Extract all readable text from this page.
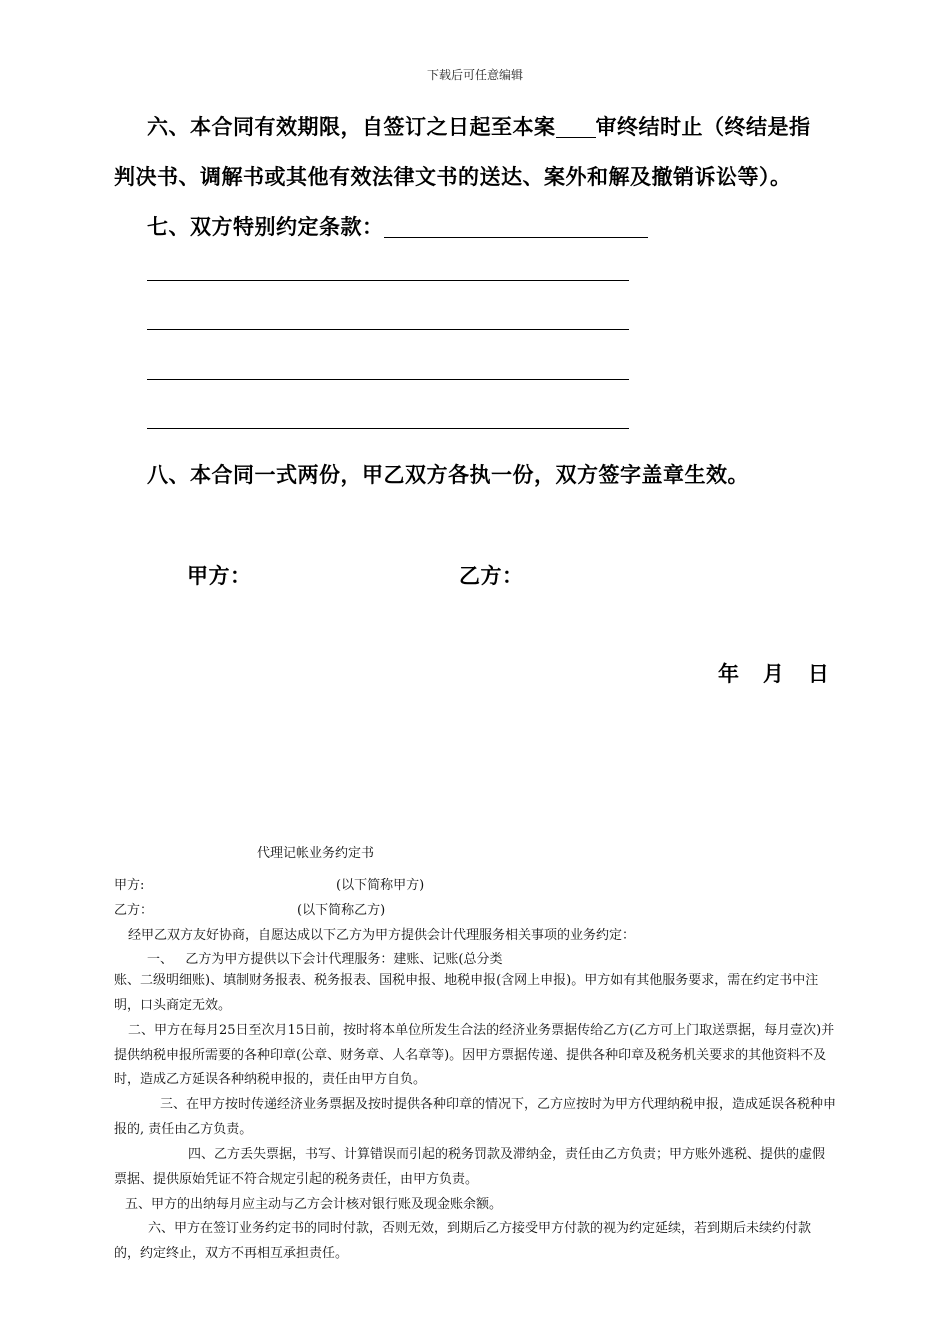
下载后可任意编辑
六、本合同有效期限，自签订之日起至本案 审终结时止（终结是指
判决书、调解书或其他有效法律文书的送达、案外和解及撤销诉讼等）。
七、双方特别约定条款：
八、本合同一式两份，甲乙双方各执一份，双方签字盖章生效。
甲方：	乙方：
年   月   日
代理记帐业务约定书
甲方:	(以下简称甲方)
乙方：	(以下简称乙方)
经甲乙双方友好协商，自愿达成以下乙方为甲方提供会计代理服务相关事项的业务约定：
一、   乙方为甲方提供以下会计代理服务：建账、记账(总分类
账、二级明细账)、填制财务报表、税务报表、国税申报、地税申报(含网上申报)。甲方如有其他服务要求，需在约定书中注明，口头商定无效。
二、甲方在每月25日至次月15日前，按时将本单位所发生合法的经济业务票据传给乙方(乙方可上门取送票据，每月壹次)并提供纳税申报所需要的各种印章(公章、财务章、人名章等)。因甲方票据传递、提供各种印章及税务机关要求的其他资料不及时，造成乙方延误各种纳税申报的，责任由甲方自负。
三、在甲方按时传递经济业务票据及按时提供各种印章的情况下，乙方应按时为甲方代理纳税申报，造成延误各税种申报的, 责任由乙方负责。
四、乙方丢失票据，书写、计算错误而引起的税务罚款及滞纳金，责任由乙方负责；甲方账外逃税、提供的虚假票据、提供原始凭证不符合规定引起的税务责任，由甲方负责。
五、甲方的出纳每月应主动与乙方会计核对银行账及现金账余额。
六、甲方在签订业务约定书的同时付款，否则无效，到期后乙方接受甲方付款的视为约定延续，若到期后未续约付款的，约定终止，双方不再相互承担责任。
